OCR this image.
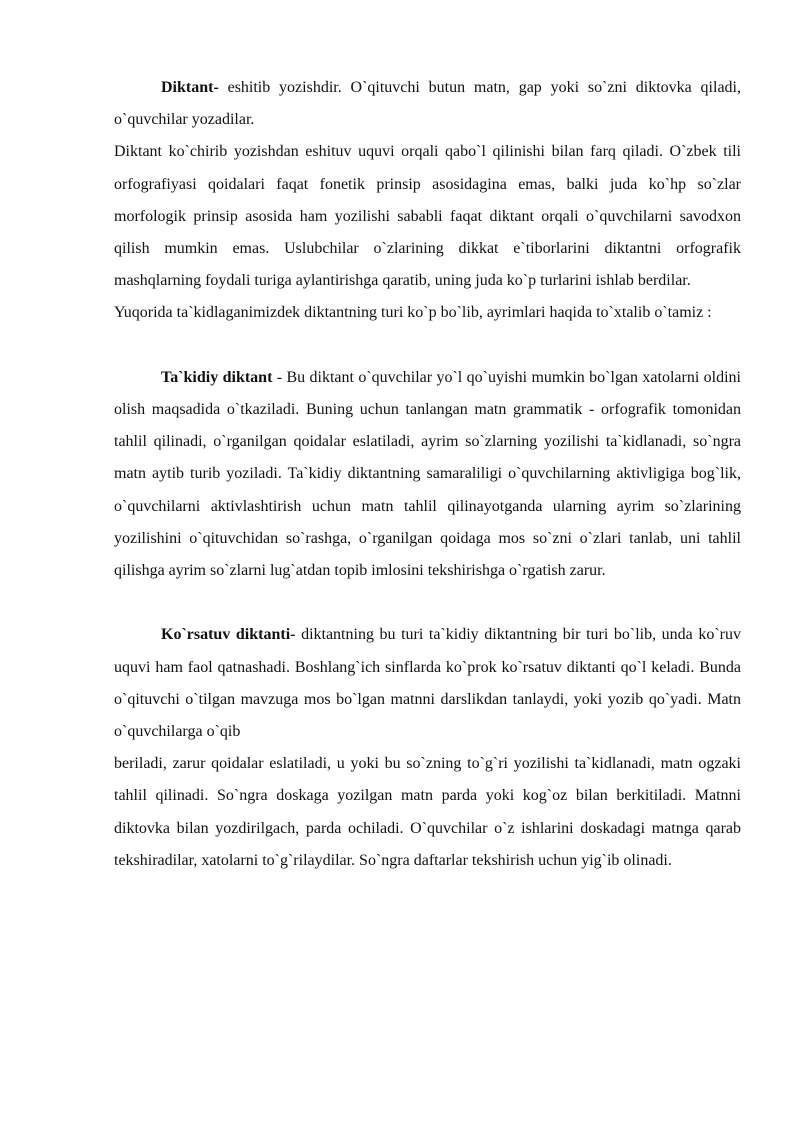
Diktant- eshitib yozishdir. O`qituvchi butun matn, gap yoki so`zni diktovka qiladi, o`quvchilar yozadilar.

Diktant ko`chirib yozishdan eshituv uquvi orqali qabo`l qilinishi bilan farq qiladi. O`zbek tili orfografiyasi qoidalari faqat fonetik prinsip asosidagina emas, balki juda ko`hp so`zlar morfologik prinsip asosida ham yozilishi sababli faqat diktant orqali o`quvchilarni savodxon qilish mumkin emas. Uslubchilar o`zlarining dikkat e`tiborlarini diktantni orfografik mashqlarning foydali turiga aylantirishga qaratib, uning juda ko`p turlarini ishlab berdilar.

Yuqorida ta`kidlaganimizdek diktantning turi ko`p bo`lib, ayrimlari haqida to`xtalib o`tamiz :

Ta`kidiy diktant - Bu diktant o`quvchilar yo`l qo`uyishi mumkin bo`lgan xatolarni oldini olish maqsadida o`tkaziladi. Buning uchun tanlangan matn grammatik - orfografik tomonidan tahlil qilinadi, o`rganilgan qoidalar eslatiladi, ayrim so`zlarning yozilishi ta`kidlanadi, so`ngra matn aytib turib yoziladi. Ta`kidiy diktantning samaraliligi o`quvchilarning aktivligiga bog`lik, o`quvchilarni aktivlashtirish uchun matn tahlil qilinayotganda ularning ayrim so`zlarining yozilishini o`qituvchidan so`rashga, o`rganilgan qoidaga mos so`zni o`zlari tanlab, uni tahlil qilishga ayrim so`zlarni lug`atdan topib imlosini tekshirishga o`rgatish zarur.

Ko`rsatuv diktanti- diktantning bu turi ta`kidiy diktantning bir turi bo`lib, unda ko`ruv uquvi ham faol qatnashadi. Boshlang`ich sinflarda ko`prok ko`rsatuv diktanti qo`l keladi. Bunda o`qituvchi o`tilgan mavzuga mos bo`lgan matnni darslikdan tanlaydi, yoki yozib qo`yadi. Matn o`quvchilarga o`qib

beriladi, zarur qoidalar eslatiladi, u yoki bu so`zning to`g`ri yozilishi ta`kidlanadi, matn ogzaki tahlil qilinadi. So`ngra doskaga yozilgan matn parda yoki kog`oz bilan berkitiladi. Matnni diktovka bilan yozdirilgach, parda ochiladi. O`quvchilar o`z ishlarini doskadagi matnga qarab tekshiradilar, xatolarni to`g`rilaydilar. So`ngra daftarlar tekshirish uchun yig`ib olinadi.
